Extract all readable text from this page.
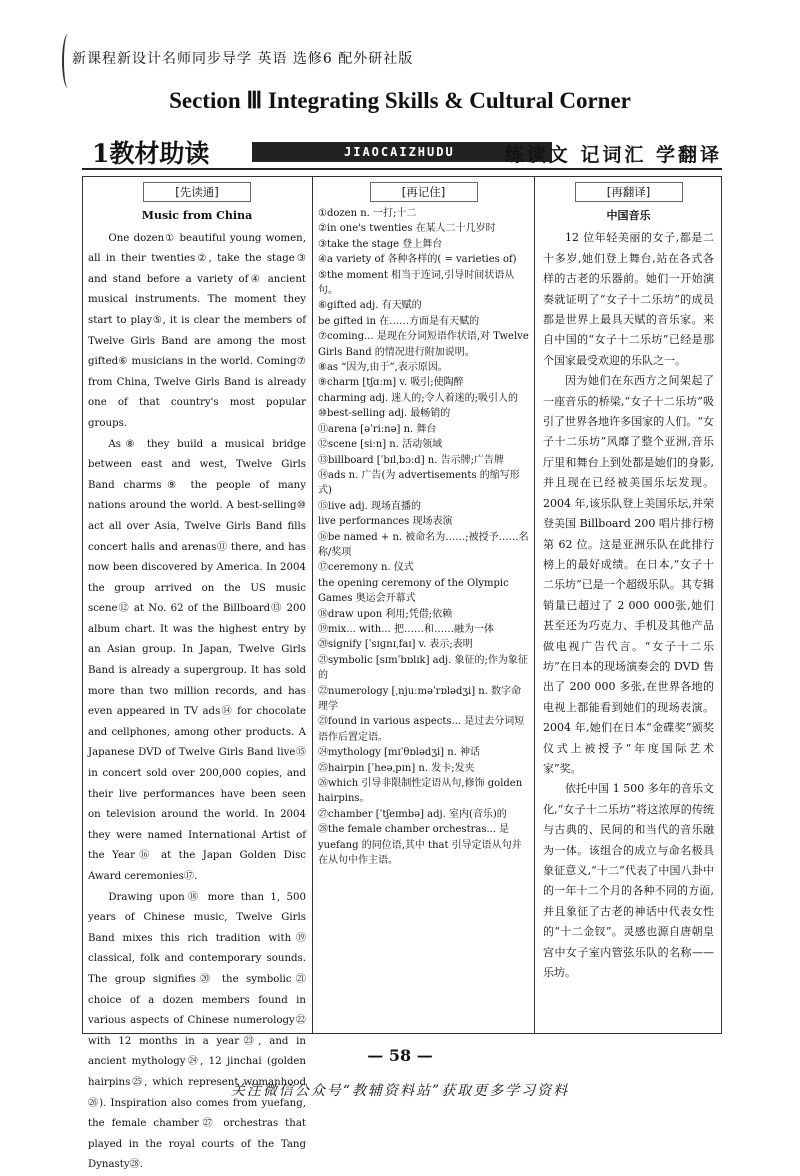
新课程新设计名师同步导学 英语 选修6 配外研社版
Section Ⅲ Integrating Skills & Cultural Corner
1教材助读	JIAOCAIZHUDU	练读文 记词汇 学翻译
[先读通]
Music from China

One dozen① beautiful young women, all in their twenties②, take the stage③ and stand before a variety of④ ancient musical instruments. The moment they start to play⑤, it is clear the members of Twelve Girls Band are among the most gifted⑥ musicians in the world. Coming⑦ from China, Twelve Girls Band is already one of that country's most popular groups.

As⑧ they build a musical bridge between east and west, Twelve Girls Band charms⑨ the people of many nations around the world. A best-selling⑩ act all over Asia, Twelve Girls Band fills concert halls and arenas⑪ there, and has now been discovered by America. In 2004 the group arrived on the US music scene⑫ at No. 62 of the Billboard⑬ 200 album chart. It was the highest entry by an Asian group. In Japan, Twelve Girls Band is already a supergroup. It has sold more than two million records, and has even appeared in TV ads⑭ for chocolate and cellphones, among other products. A Japanese DVD of Twelve Girls Band live⑮ in concert sold over 200,000 copies, and their live performances have been seen on television around the world. In 2004 they were named International Artist of the Year⑯ at the Japan Golden Disc Award ceremonies⑰.

Drawing upon⑱ more than 1, 500 years of Chinese music, Twelve Girls Band mixes this rich tradition with⑲ classical, folk and contemporary sounds. The group signifies⑳ the symbolic㉑ choice of a dozen members found in various aspects of Chinese numerology㉒ with 12 months in a year㉓, and in ancient mythology㉔, 12 jinchai (golden hairpins㉕, which represent womanhood㉖). Inspiration also comes from yuefang, the female chamber㉗ orchestras that played in the royal courts of the Tang Dynasty㉘.

[再记住]
①dozen n. 一打;十二
②in one's twenties 在某人二十几岁时
③take the stage 登上舞台
④a variety of 各种各样的( = varieties of)
⑤the moment 相当于连词,引导时间状语从句。
⑥gifted adj. 有天赋的
be gifted in 在……方面是有天赋的
⑦coming... 是现在分词短语作状语,对 Twelve Girls Band 的情况进行附加说明。
⑧as “因为,由于”,表示原因。
⑨charm [tʃɑːm] v. 吸引;使陶醉
charming adj. 迷人的;令人着迷的;吸引人的
⑩best-selling adj. 最畅销的
⑪arena [əˈriːnə] n. 舞台
⑫scene [siːn] n. 活动领域
⑬billboard [ˈbɪlˌbɔːd] n. 告示牌;广告牌
⑭ads n. 广告(为 advertisements 的缩写形式)
⑮live adj. 现场直播的
live performances 现场表演
⑯be named + n. 被命名为……;被授予……名称/奖项
⑰ceremony n. 仪式
the opening ceremony of the Olympic Games 奥运会开幕式
⑱draw upon 利用;凭借;依赖
⑲mix... with... 把……和……融为一体
⑳signify [ˈsɪɡnɪˌfaɪ] v. 表示;表明
㉑symbolic [sɪmˈbɒlɪk] adj. 象征的;作为象征的
㉒numerology [ˌnjuːməˈrɒlədʒi] n. 数字命理学
㉓found in various aspects... 是过去分词短语作后置定语。
㉔mythology [mɪˈθɒlədʒi] n. 神话
㉕hairpin [ˈheəˌpɪn] n. 发卡;发夹
㉖which 引导非限制性定语从句,修饰 golden hairpins。
㉗chamber [ˈtʃeɪmbə] adj. 室内(音乐)的
㉘the female chamber orchestras... 是 yuefang 的同位语,其中 that 引导定语从句并在从句中作主语。
[再翻译]
中国音乐

12 位年轻美丽的女子,都是二十多岁,她们登上舞台,站在各式各样的古老的乐器前。她们一开始演奏就证明了“女子十二乐坊”的成员都是世界上最具天赋的音乐家。来自中国的“女子十二乐坊”已经是那个国家最受欢迎的乐队之一。

因为她们在东西方之间架起了一座音乐的桥梁,“女子十二乐坊”吸引了世界各地许多国家的人们。“女子十二乐坊”风靡了整个亚洲,音乐厅里和舞台上到处都是她们的身影,并且现在已经被美国乐坛发现。2004 年,该乐队登上美国乐坛,并荣登美国 Billboard 200 唱片排行榜第 62 位。这是亚洲乐队在此排行榜上的最好成绩。在日本,“女子十二乐坊”已是一个超级乐队。其专辑销量已超过了 2 000 000张,她们甚至还为巧克力、手机及其他产品做电视广告代言。“女子十二乐坊”在日本的现场演奏会的 DVD 售出了 200 000 多张,在世界各地的电视上都能看到她们的现场表演。2004 年,她们在日本“金碟奖”颁奖仪式上被授予“年度国际艺术家”奖。

依托中国 1 500 多年的音乐文化,“女子十二乐坊”将这浓厚的传统与古典的、民间的和当代的音乐融为一体。该组合的成立与命名极具象征意义,“十二”代表了中国八卦中的一年十二个月的各种不同的方面,并且象征了古老的神话中代表女性的“十二金钗”。灵感也源自唐朝皇宫中女子室内管弦乐队的名称——乐坊。

— 58 —
关注微信公众号“教辅资料站”获取更多学习资料
